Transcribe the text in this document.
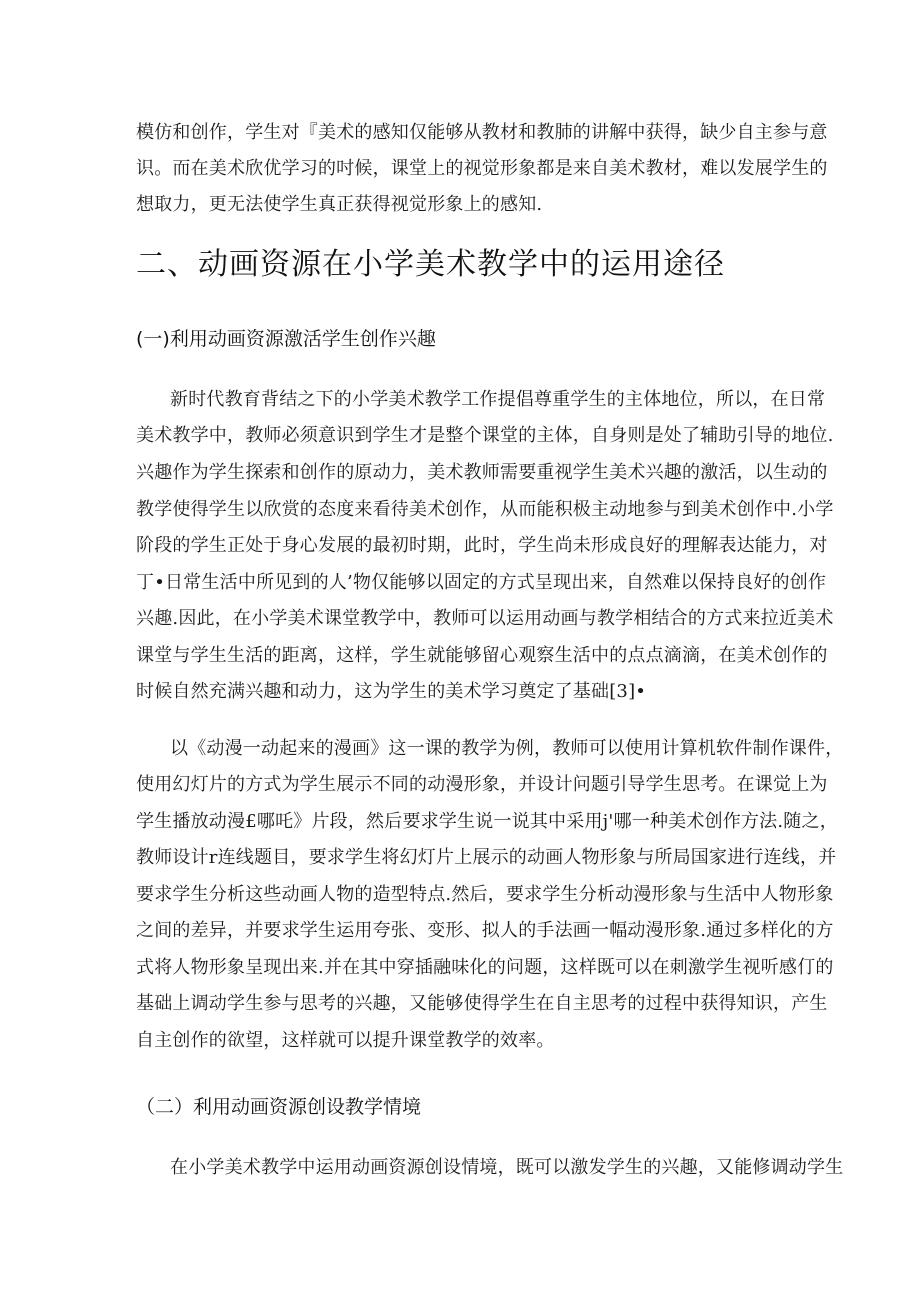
模仿和创作，学生对『美术的感知仅能够从教材和教肺的讲解中获得，缺少自主参与意
识。而在美术欣优学习的吋候，课堂上的视觉形象都是来自美术教材，难以发展学生的
想取力，更无法使学生真正获得视觉形象上的感知.
二、动画资源在小学美术教学中的运用途径
(一)利用动画资源激活学生创作兴趣
新时代教育背结之下的小学美术教学工作提倡尊重学生的主体地位，所以，在日常
美术教学中，教师必须意识到学生才是整个课堂的主体，自身则是处了辅助引导的地位.
兴趣作为学生探索和创作的原动力，美术教师需要重视学生美术兴趣的激活，以生动的
教学使得学生以欣赏的态度来看待美术创作，从而能积极主动地参与到美术创作中.小学
阶段的学生正处于身心发展的最初时期，此时，学生尚未形成良好的理解表达能力，对
丁•日常生活中所见到的人’物仅能够以固定的方式呈现出来，自然难以保持良好的创作
兴趣.因此，在小学美术课堂教学中，教师可以运用动画与教学相结合的方式来拉近美术
课堂与学生生活的距离，这样，学生就能够留心观察生活中的点点滴滴，在美术创作的
时候自然充满兴趣和动力，这为学生的美术学习奠定了基础[3]•
以《动漫一动起来的漫画》这一课的教学为例，教师可以使用计算机软件制作课件，
使用幻灯片的方式为学生展示不同的动漫形象，并设计问题引导学生思考。在课觉上为
学生播放动漫£哪吒》片段，然后要求学生说一说其中采用j'哪一种美术创作方法.随之，
教师设计r连线题目，要求学生将幻灯片上展示的动画人物形象与所局国家进行连线，并
要求学生分析这些动画人物的造型特点.然后，要求学生分析动漫形象与生活中人物形象
之间的差异，并要求学生运用夸张、变形、拟人的手法画一幅动漫形象.通过多样化的方
式将人物形象呈现出来.并在其中穿插融味化的问题，这样既可以在刺激学生视听感仃的
基础上调动学生参与思考的兴趣，又能够使得学生在自主思考的过程中获得知识，产生
自主创作的欲望，这样就可以提升课堂教学的效率。
（二）利用动画资源创设教学情境
在小学美术教学中运用动画资源创设情境，既可以激发学生的兴趣，又能修调动学生
